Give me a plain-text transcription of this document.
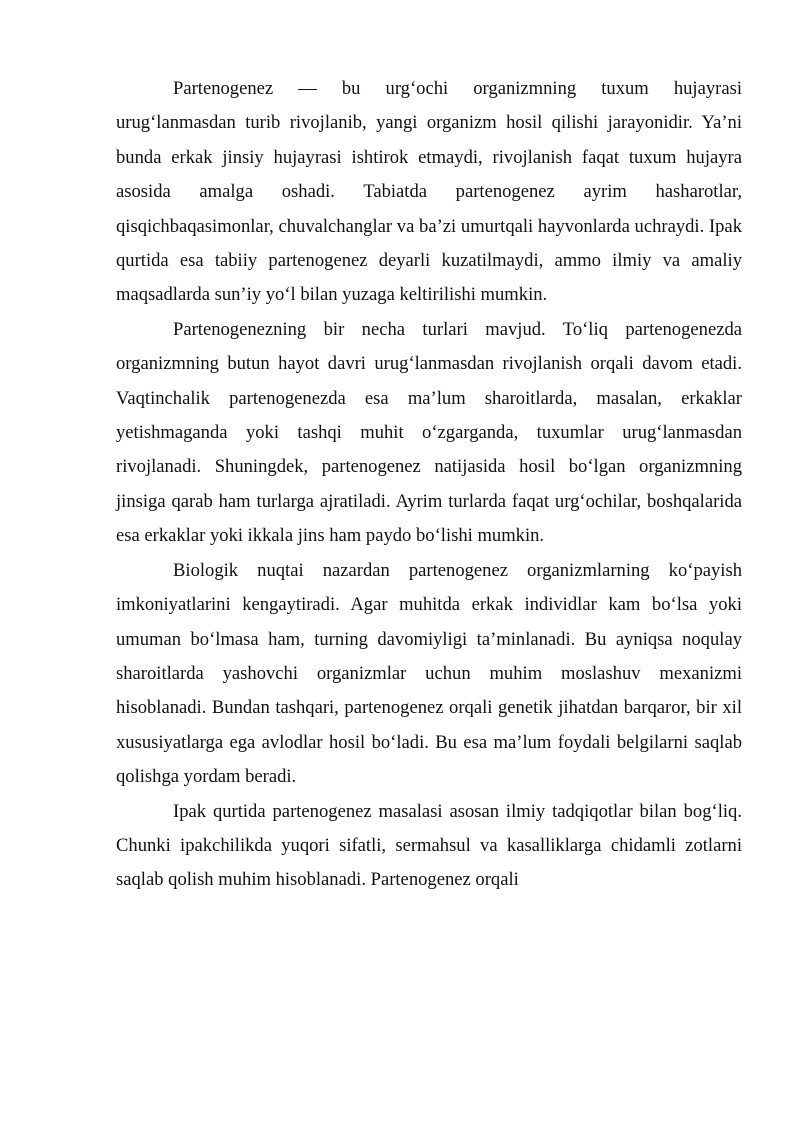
Partenogenez — bu urg‘ochi organizmning tuxum hujayrasi urug‘lanmasdan turib rivojlanib, yangi organizm hosil qilishi jarayonidir. Ya’ni bunda erkak jinsiy hujayrasi ishtirok etmaydi, rivojlanish faqat tuxum hujayra asosida amalga oshadi. Tabiatda partenogenez ayrim hasharotlar, qisqichbaqasimonlar, chuvalchanglar va ba’zi umurtqali hayvonlarda uchraydi. Ipak qurtida esa tabiiy partenogenez deyarli kuzatilmaydi, ammo ilmiy va amaliy maqsadlarda sun’iy yo‘l bilan yuzaga keltirilishi mumkin.

Partenogenezning bir necha turlari mavjud. To‘liq partenogenezda organizmning butun hayot davri urug‘lanmasdan rivojlanish orqali davom etadi. Vaqtinchalik partenogenezda esa ma’lum sharoitlarda, masalan, erkaklar yetishmaganda yoki tashqi muhit o‘zgarganda, tuxumlar urug‘lanmasdan rivojlanadi. Shuningdek, partenogenez natijasida hosil bo‘lgan organizmning jinsiga qarab ham turlarga ajratiladi. Ayrim turlarda faqat urg‘ochilar, boshqalarida esa erkaklar yoki ikkala jins ham paydo bo‘lishi mumkin.

Biologik nuqtai nazardan partenogenez organizmlarning ko‘payish imkoniyatlarini kengaytiradi. Agar muhitda erkak individlar kam bo‘lsa yoki umuman bo‘lmasa ham, turning davomiyligi ta’minlanadi. Bu ayniqsa noqulay sharoitlarda yashovchi organizmlar uchun muhim moslashuv mexanizmi hisoblanadi. Bundan tashqari, partenogenez orqali genetik jihatdan barqaror, bir xil xususiyatlarga ega avlodlar hosil bo‘ladi. Bu esa ma’lum foydali belgilarni saqlab qolishga yordam beradi.

Ipak qurtida partenogenez masalasi asosan ilmiy tadqiqotlar bilan bog‘liq. Chunki ipakchilikda yuqori sifatli, sermahsul va kasalliklarga chidamli zotlarni saqlab qolish muhim hisoblanadi. Partenogenez orqali
